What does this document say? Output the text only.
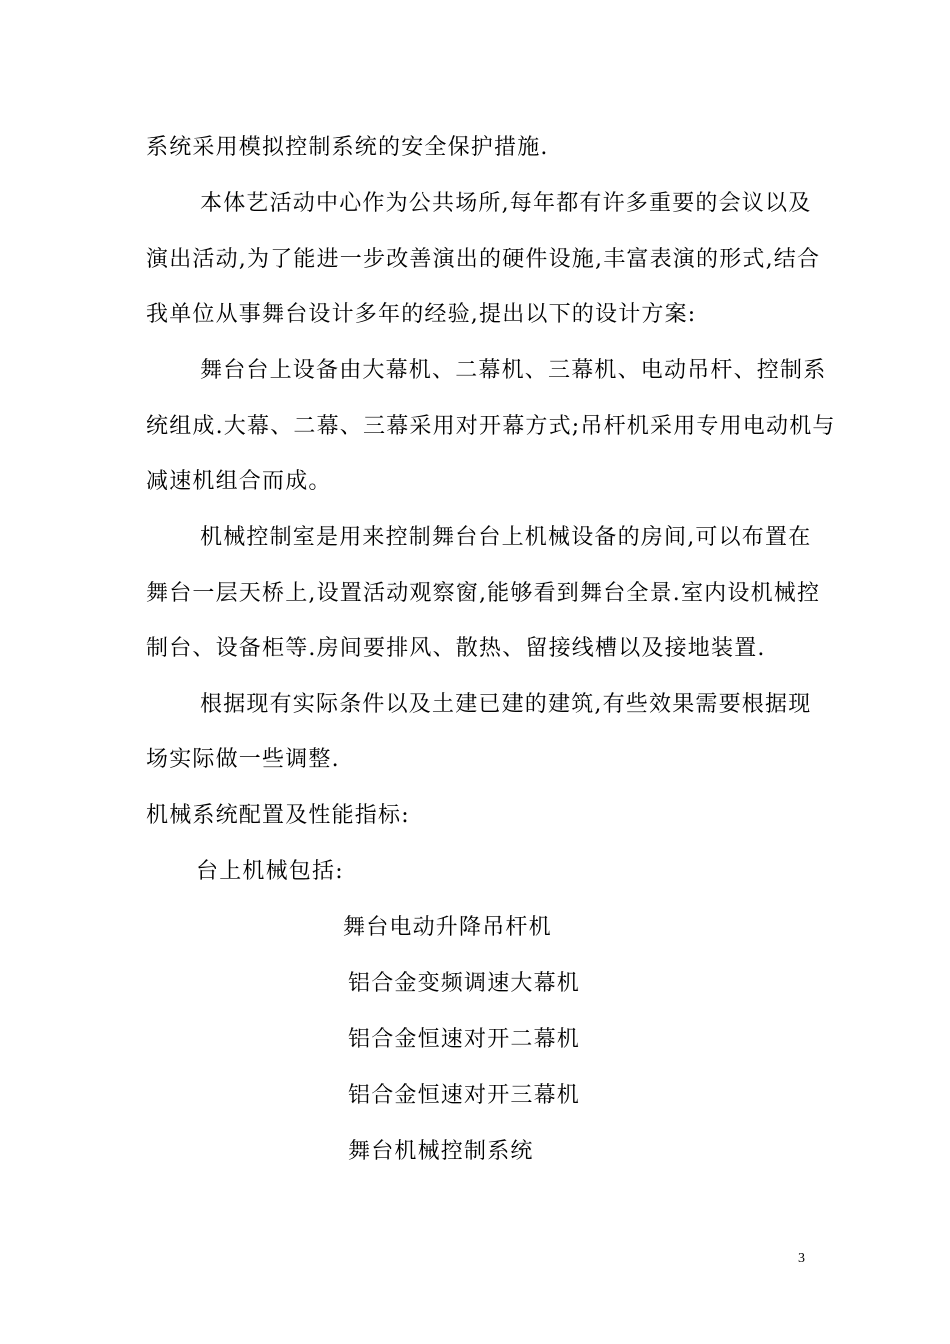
系统采用模拟控制系统的安全保护措施.
本体艺活动中心作为公共场所,每年都有许多重要的会议以及
演出活动,为了能进一步改善演出的硬件设施,丰富表演的形式,结合
我单位从事舞台设计多年的经验,提出以下的设计方案:
舞台台上设备由大幕机、二幕机、三幕机、电动吊杆、控制系
统组成.大幕、二幕、三幕采用对开幕方式;吊杆机采用专用电动机与
减速机组合而成。
机械控制室是用来控制舞台台上机械设备的房间,可以布置在
舞台一层天桥上,设置活动观察窗,能够看到舞台全景.室内设机械控
制台、设备柜等.房间要排风、散热、留接线槽以及接地装置.
根据现有实际条件以及土建已建的建筑,有些效果需要根据现
场实际做一些调整.
机械系统配置及性能指标:
台上机械包括:
舞台电动升降吊杆机
铝合金变频调速大幕机
铝合金恒速对开二幕机
铝合金恒速对开三幕机
舞台机械控制系统
3
